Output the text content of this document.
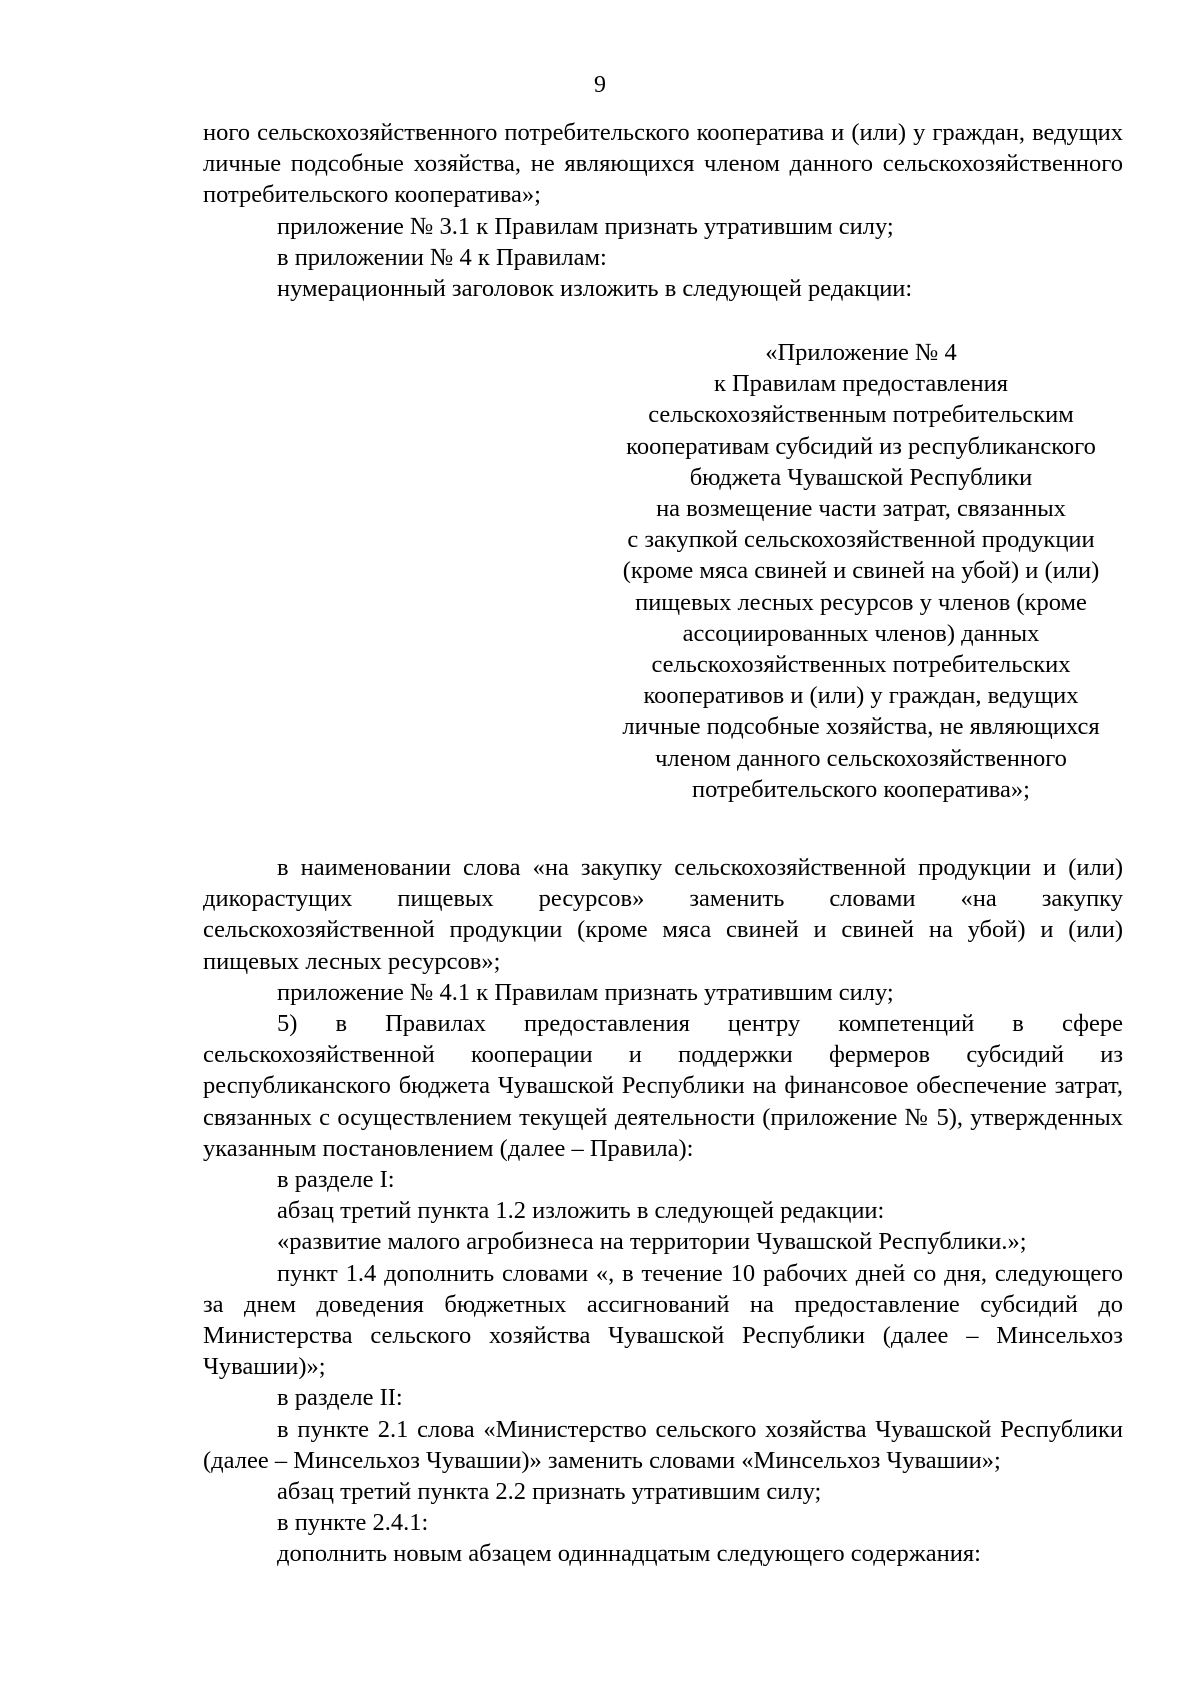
9

ного сельскохозяйственного потребительского кооператива и (или) у граждан, ведущих личные подсобные хозяйства, не являющихся членом данного сельскохозяйственного потребительского кооператива»;

приложение № 3.1 к Правилам признать утратившим силу;

в приложении № 4 к Правилам:

нумерационный заголовок изложить в следующей редакции:

«Приложение № 4
к Правилам предоставления
сельскохозяйственным потребительским
кооперативам субсидий из республиканского
бюджета Чувашской Республики
на возмещение части затрат, связанных
с закупкой сельскохозяйственной продукции
(кроме мяса свиней и свиней на убой) и (или)
пищевых лесных ресурсов у членов (кроме
ассоциированных членов) данных
сельскохозяйственных потребительских
кооперативов и (или) у граждан, ведущих
личные подсобные хозяйства, не являющихся
членом данного сельскохозяйственного
потребительского кооператива»;

в наименовании слова «на закупку сельскохозяйственной продукции и (или) дикорастущих пищевых ресурсов» заменить словами «на закупку сельскохозяйственной продукции (кроме мяса свиней и свиней на убой) и (или) пищевых лесных ресурсов»;

приложение № 4.1 к Правилам признать утратившим силу;

5) в Правилах предоставления центру компетенций в сфере сельскохозяйственной кооперации и поддержки фермеров субсидий из республиканского бюджета Чувашской Республики на финансовое обеспечение затрат, связанных с осуществлением текущей деятельности (приложение № 5), утвержденных указанным постановлением (далее – Правила):

в разделе I:

абзац третий пункта 1.2 изложить в следующей редакции:

«развитие малого агробизнеса на территории Чувашской Республики.»;

пункт 1.4 дополнить словами «, в течение 10 рабочих дней со дня, следующего за днем доведения бюджетных ассигнований на предоставление субсидий до Министерства сельского хозяйства Чувашской Республики (далее – Минсельхоз Чувашии)»;

в разделе II:

в пункте 2.1 слова «Министерство сельского хозяйства Чувашской Республики (далее – Минсельхоз Чувашии)» заменить словами «Минсельхоз Чувашии»;

абзац третий пункта 2.2 признать утратившим силу;

в пункте 2.4.1:

дополнить новым абзацем одиннадцатым следующего содержания:
